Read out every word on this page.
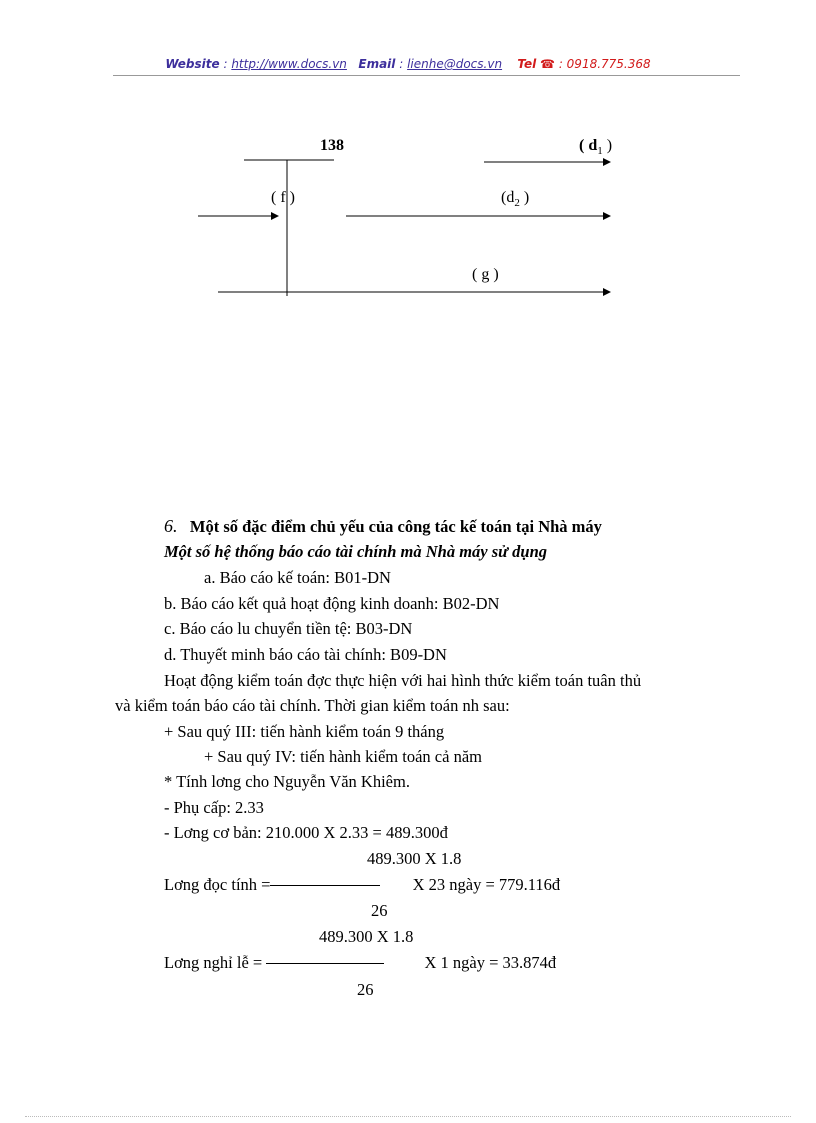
Website : http://www.docs.vn Email : lienhe@docs.vn Tel ☎ : 0918.775.368
138	( $d_1$ )
( f )	($d_2$ )
( g )
6. Một số đặc điểm chủ yếu của công tác kế toán tại Nhà máy
Một số hệ thống báo cáo tài chính mà Nhà máy sử dụng
a. Báo cáo kế toán: B01-DN
b. Báo cáo kết quả hoạt động kinh doanh: B02-DN
c. Báo cáo lu chuyển tiền tệ: B03-DN
d. Thuyết minh báo cáo tài chính: B09-DN
Hoạt động kiểm toán đợc thực hiện với hai hình thức kiểm toán tuân thủ
và kiểm toán báo cáo tài chính. Thời gian kiểm toán nh sau:
+ Sau quý III: tiến hành kiểm toán 9 tháng
+ Sau quý IV: tiến hành kiểm toán cả năm
* Tính lơng cho Nguyễn Văn Khiêm.
- Phụ cấp: 2.33
- Lơng cơ bản: 210.000 X 2.33 = 489.300đ
489.300 X 1.8
Lơng đọc tính =	X 23 ngày = 779.116đ
26
489.300 X 1.8
Lơng nghỉ lễ =	X 1 ngày = 33.874đ
26
